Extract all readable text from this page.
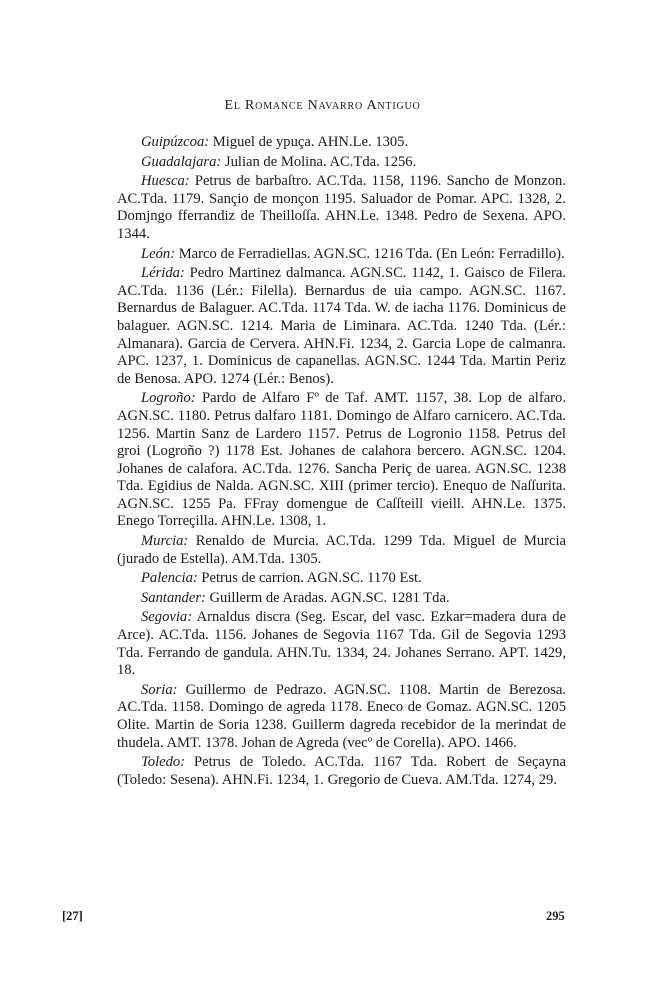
El Romance Navarro Antiguo

Guipúzcoa: Miguel de ypuça. AHN.Le. 1305.

Guadalajara: Julian de Molina. AC.Tda. 1256.

Huesca: Petrus de barbaſtro. AC.Tda. 1158, 1196. Sancho de Monzon. AC.Tda. 1179. Sançio de monçon 1195. Saluador de Pomar. APC. 1328, 2. Domjngo fferrandiz de Theilloſſa. AHN.Le. 1348. Pedro de Sexena. APO. 1344.

León: Marco de Ferradiellas. AGN.SC. 1216 Tda. (En León: Ferradillo).

Lérida: Pedro Martinez dalmanca. AGN.SC. 1142, 1. Gaisco de Filera. AC.Tda. 1136 (Lér.: Filella). Bernardus de uia campo. AGN.SC. 1167. Bernardus de Balaguer. AC.Tda. 1174 Tda. W. de iacha 1176. Dominicus de balaguer. AGN.SC. 1214. Maria de Liminara. AC.Tda. 1240 Tda. (Lér.: Almanara). Garcia de Cervera. AHN.Fi. 1234, 2. Garcia Lope de calmanra. APC. 1237, 1. Dominicus de capanellas. AGN.SC. 1244 Tda. Martin Periz de Benosa. APO. 1274 (Lér.: Benos).

Logroño: Pardo de Alfaro Fº de Taf. AMT. 1157, 38. Lop de alfaro. AGN.SC. 1180. Petrus dalfaro 1181. Domingo de Alfaro carnicero. AC.Tda. 1256. Martin Sanz de Lardero 1157. Petrus de Logronio 1158. Petrus del groi (Logroño ?) 1178 Est. Johanes de calahora bercero. AGN.SC. 1204. Johanes de calafora. AC.Tda. 1276. Sancha Periç de uarea. AGN.SC. 1238 Tda. Egidius de Nalda. AGN.SC. XIII (primer tercio). Enequo de Naſſurita. AGN.SC. 1255 Pa. FFray domengue de Caſſteill vieill. AHN.Le. 1375. Enego Torreçilla. AHN.Le. 1308, 1.

Murcia: Renaldo de Murcia. AC.Tda. 1299 Tda. Miguel de Murcia (jurado de Estella). AM.Tda. 1305.

Palencia: Petrus de carrion. AGN.SC. 1170 Est.

Santander: Guillerm de Aradas. AGN.SC. 1281 Tda.

Segovia: Arnaldus discra (Seg. Escar, del vasc. Ezkar=madera dura de Arce). AC.Tda. 1156. Johanes de Segovia 1167 Tda. Gil de Segovia 1293 Tda. Ferrando de gandula. AHN.Tu. 1334, 24. Johanes Serrano. APT. 1429, 18.

Soria: Guillermo de Pedrazo. AGN.SC. 1108. Martin de Berezosa. AC.Tda. 1158. Domingo de agreda 1178. Eneco de Gomaz. AGN.SC. 1205 Olite. Martin de Soria 1238. Guillerm dagreda recebidor de la merindat de thudela. AMT. 1378. Johan de Agreda (vecº de Corella). APO. 1466.

Toledo: Petrus de Toledo. AC.Tda. 1167 Tda. Robert de Seçayna (Toledo: Sesena). AHN.Fi. 1234, 1. Gregorio de Cueva. AM.Tda. 1274, 29.

[27]	295
